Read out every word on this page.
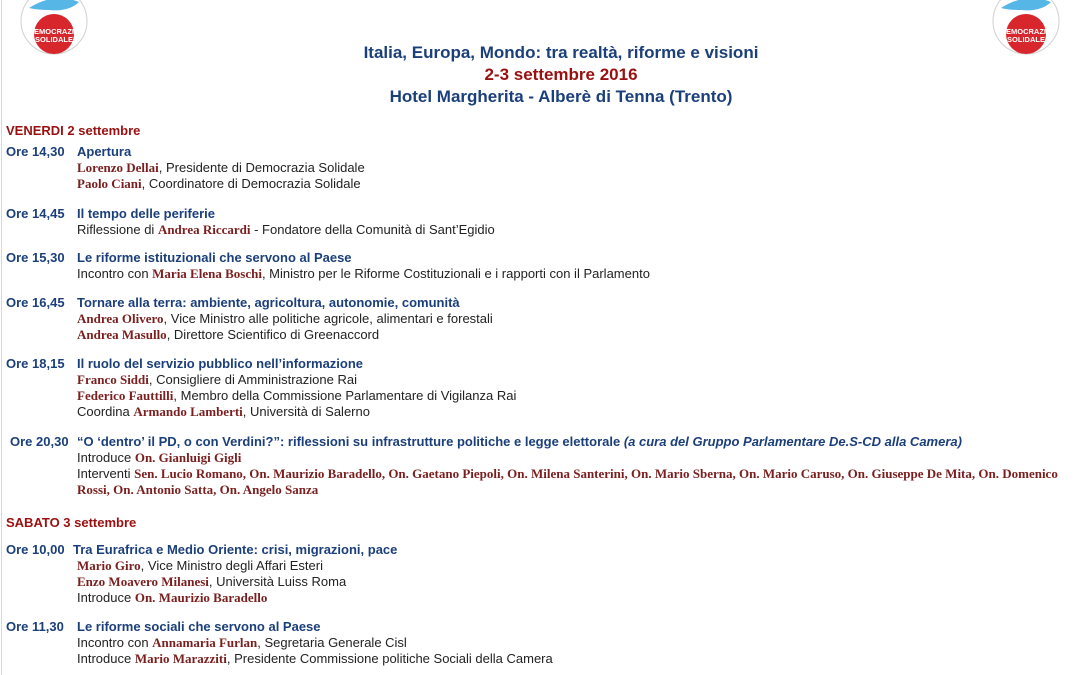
DEMOCRAZIA
SOLIDALE
DEMOCRAZIA
SOLIDALE
Italia, Europa, Mondo: tra realtà, riforme e visioni
2-3 settembre 2016
Hotel Margherita - Alberè di Tenna (Trento)
VENERDI 2 settembre
Ore 14,30 Apertura
Lorenzo Dellai, Presidente di Democrazia Solidale
Paolo Ciani, Coordinatore di Democrazia Solidale
Ore 14,45 Il tempo delle periferie
Riflessione di Andrea Riccardi - Fondatore della Comunità di Sant’Egidio
Ore 15,30 Le riforme istituzionali che servono al Paese
Incontro con Maria Elena Boschi, Ministro per le Riforme Costituzionali e i rapporti con il Parlamento
Ore 16,45 Tornare alla terra: ambiente, agricoltura, autonomie, comunità
Andrea Olivero, Vice Ministro alle politiche agricole, alimentari e forestali
Andrea Masullo, Direttore Scientifico di Greenaccord
Ore 18,15 Il ruolo del servizio pubblico nell’informazione
Franco Siddi, Consigliere di Amministrazione Rai
Federico Fauttilli, Membro della Commissione Parlamentare di Vigilanza Rai
Coordina Armando Lamberti, Università di Salerno
Ore 20,30 “O ‘dentro’ il PD, o con Verdini?”: riflessioni su infrastrutture politiche e legge elettorale (a cura del Gruppo Parlamentare De.S-CD alla Camera)
Introduce On. Gianluigi Gigli
Interventi Sen. Lucio Romano, On. Maurizio Baradello, On. Gaetano Piepoli, On. Milena Santerini, On. Mario Sberna, On. Mario Caruso, On. Giuseppe De Mita, On. Domenico Rossi, On. Antonio Satta, On. Angelo Sanza
SABATO 3 settembre
Ore 10,00 Tra Eurafrica e Medio Oriente: crisi, migrazioni, pace
Mario Giro, Vice Ministro degli Affari Esteri
Enzo Moavero Milanesi, Università Luiss Roma
Introduce On. Maurizio Baradello
Ore 11,30 Le riforme sociali che servono al Paese
Incontro con Annamaria Furlan, Segretaria Generale Cisl
Introduce Mario Marazziti, Presidente Commissione politiche Sociali della Camera
